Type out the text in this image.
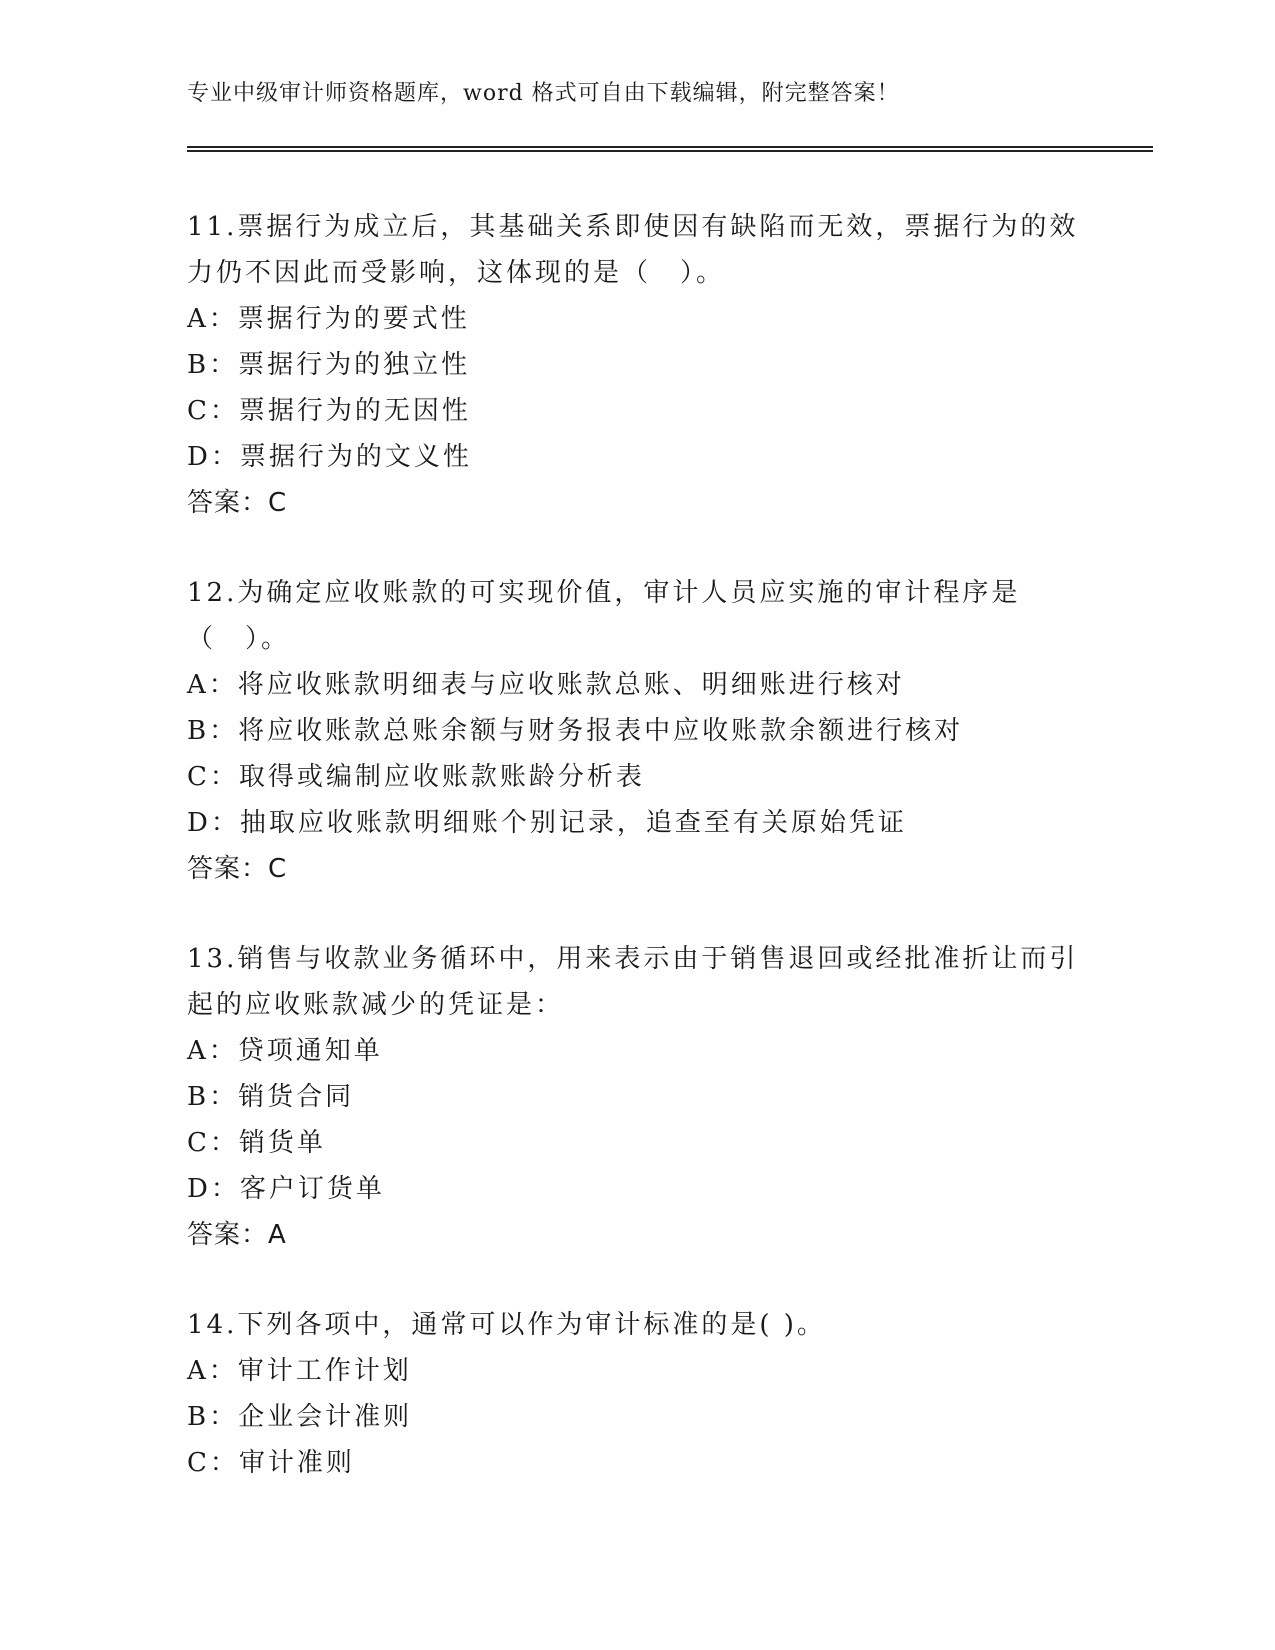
专业中级审计师资格题库，word 格式可自由下载编辑，附完整答案！
11.票据行为成立后，其基础关系即使因有缺陷而无效，票据行为的效力仍不因此而受影响，这体现的是（　）。
A：票据行为的要式性
B：票据行为的独立性
C：票据行为的无因性
D：票据行为的文义性
答案：C
12.为确定应收账款的可实现价值，审计人员应实施的审计程序是（　）。
A：将应收账款明细表与应收账款总账、明细账进行核对
B：将应收账款总账余额与财务报表中应收账款余额进行核对
C：取得或编制应收账款账龄分析表
D：抽取应收账款明细账个别记录，追查至有关原始凭证
答案：C
13.销售与收款业务循环中，用来表示由于销售退回或经批准折让而引起的应收账款减少的凭证是：
A：贷项通知单
B：销货合同
C：销货单
D：客户订货单
答案：A
14.下列各项中，通常可以作为审计标准的是( )。
A：审计工作计划
B：企业会计准则
C：审计准则
